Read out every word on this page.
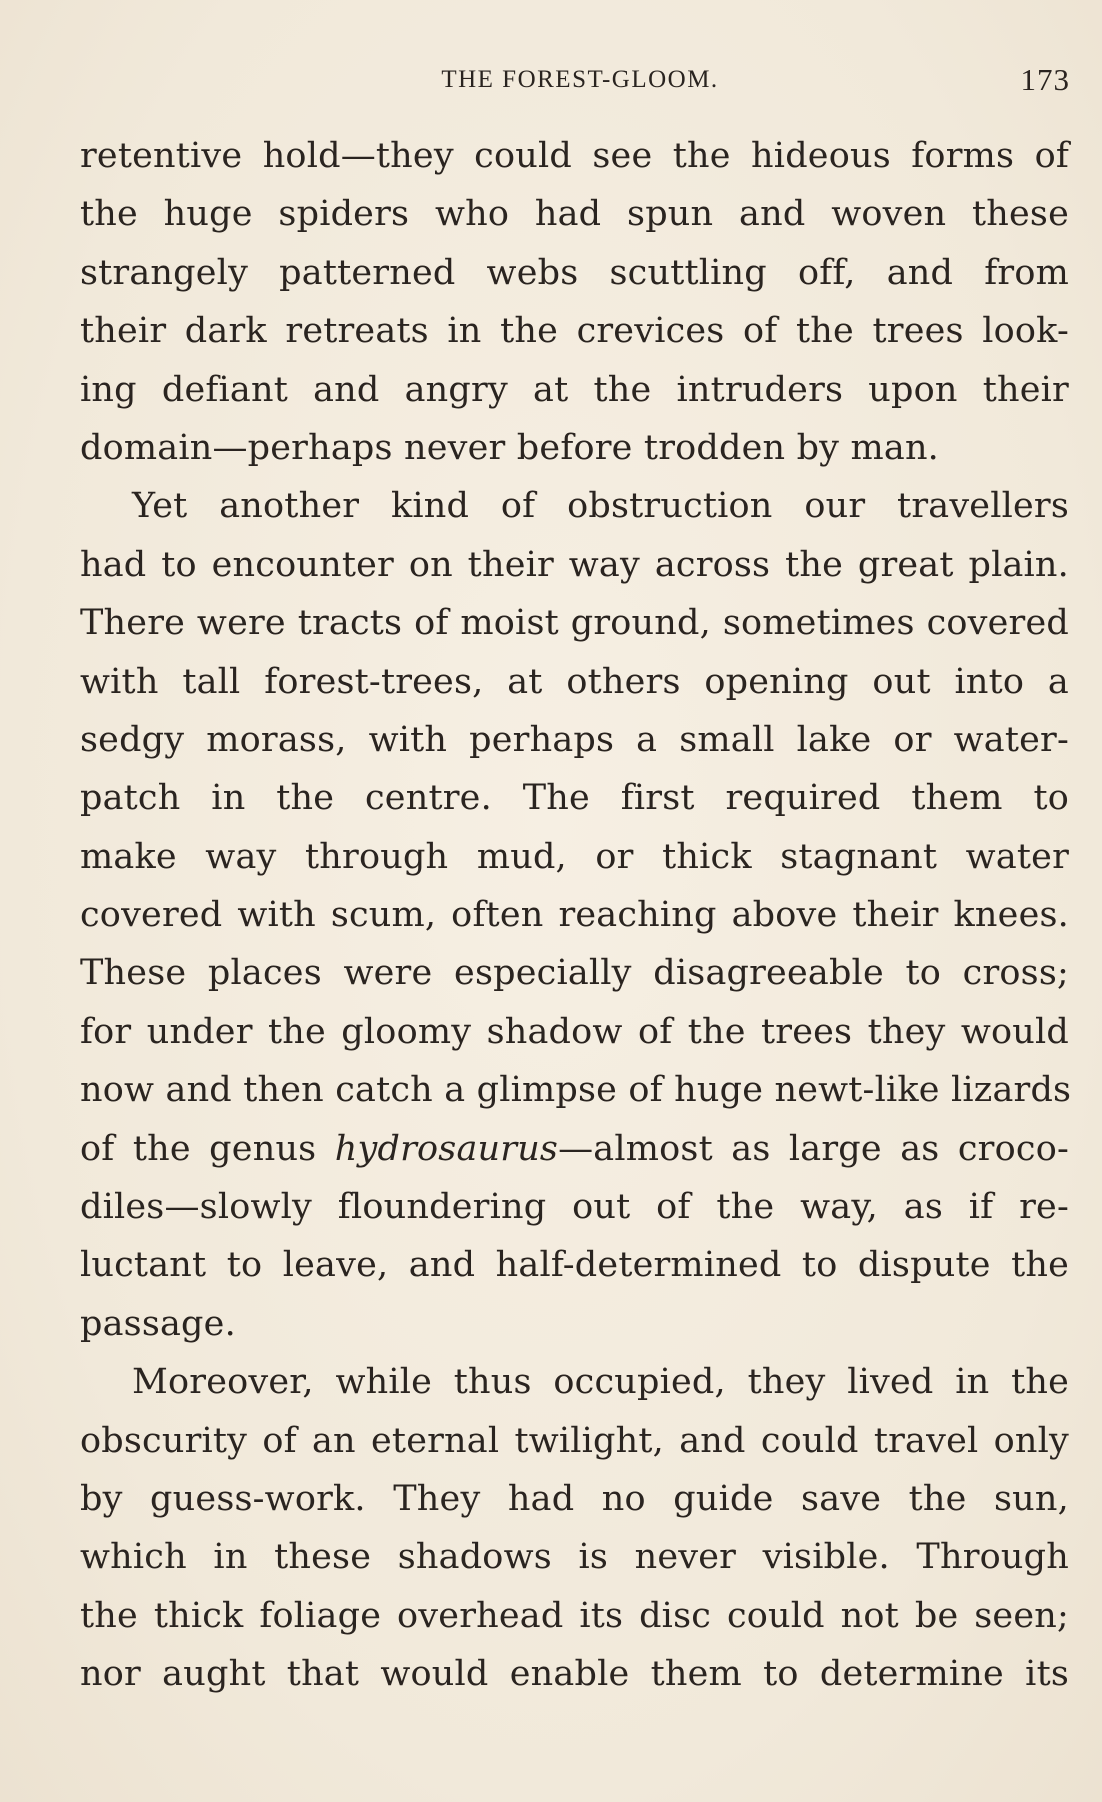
THE FOREST-GLOOM.	173
retentive hold—they could see the hideous forms of
the huge spiders who had spun and woven these
strangely patterned webs scuttling off, and from
their dark retreats in the crevices of the trees look-
ing defiant and angry at the intruders upon their
domain—perhaps never before trodden by man.
Yet another kind of obstruction our travellers
had to encounter on their way across the great plain.
There were tracts of moist ground, sometimes covered
with tall forest-trees, at others opening out into a
sedgy morass, with perhaps a small lake or water-
patch in the centre. The first required them to
make way through mud, or thick stagnant water
covered with scum, often reaching above their knees.
These places were especially disagreeable to cross;
for under the gloomy shadow of the trees they would
now and then catch a glimpse of huge newt-like lizards
of the genus hydrosaurus—almost as large as croco-
diles—slowly floundering out of the way, as if re-
luctant to leave, and half-determined to dispute the
passage.
Moreover, while thus occupied, they lived in the
obscurity of an eternal twilight, and could travel only
by guess-work. They had no guide save the sun,
which in these shadows is never visible. Through
the thick foliage overhead its disc could not be seen;
nor aught that would enable them to determine its
